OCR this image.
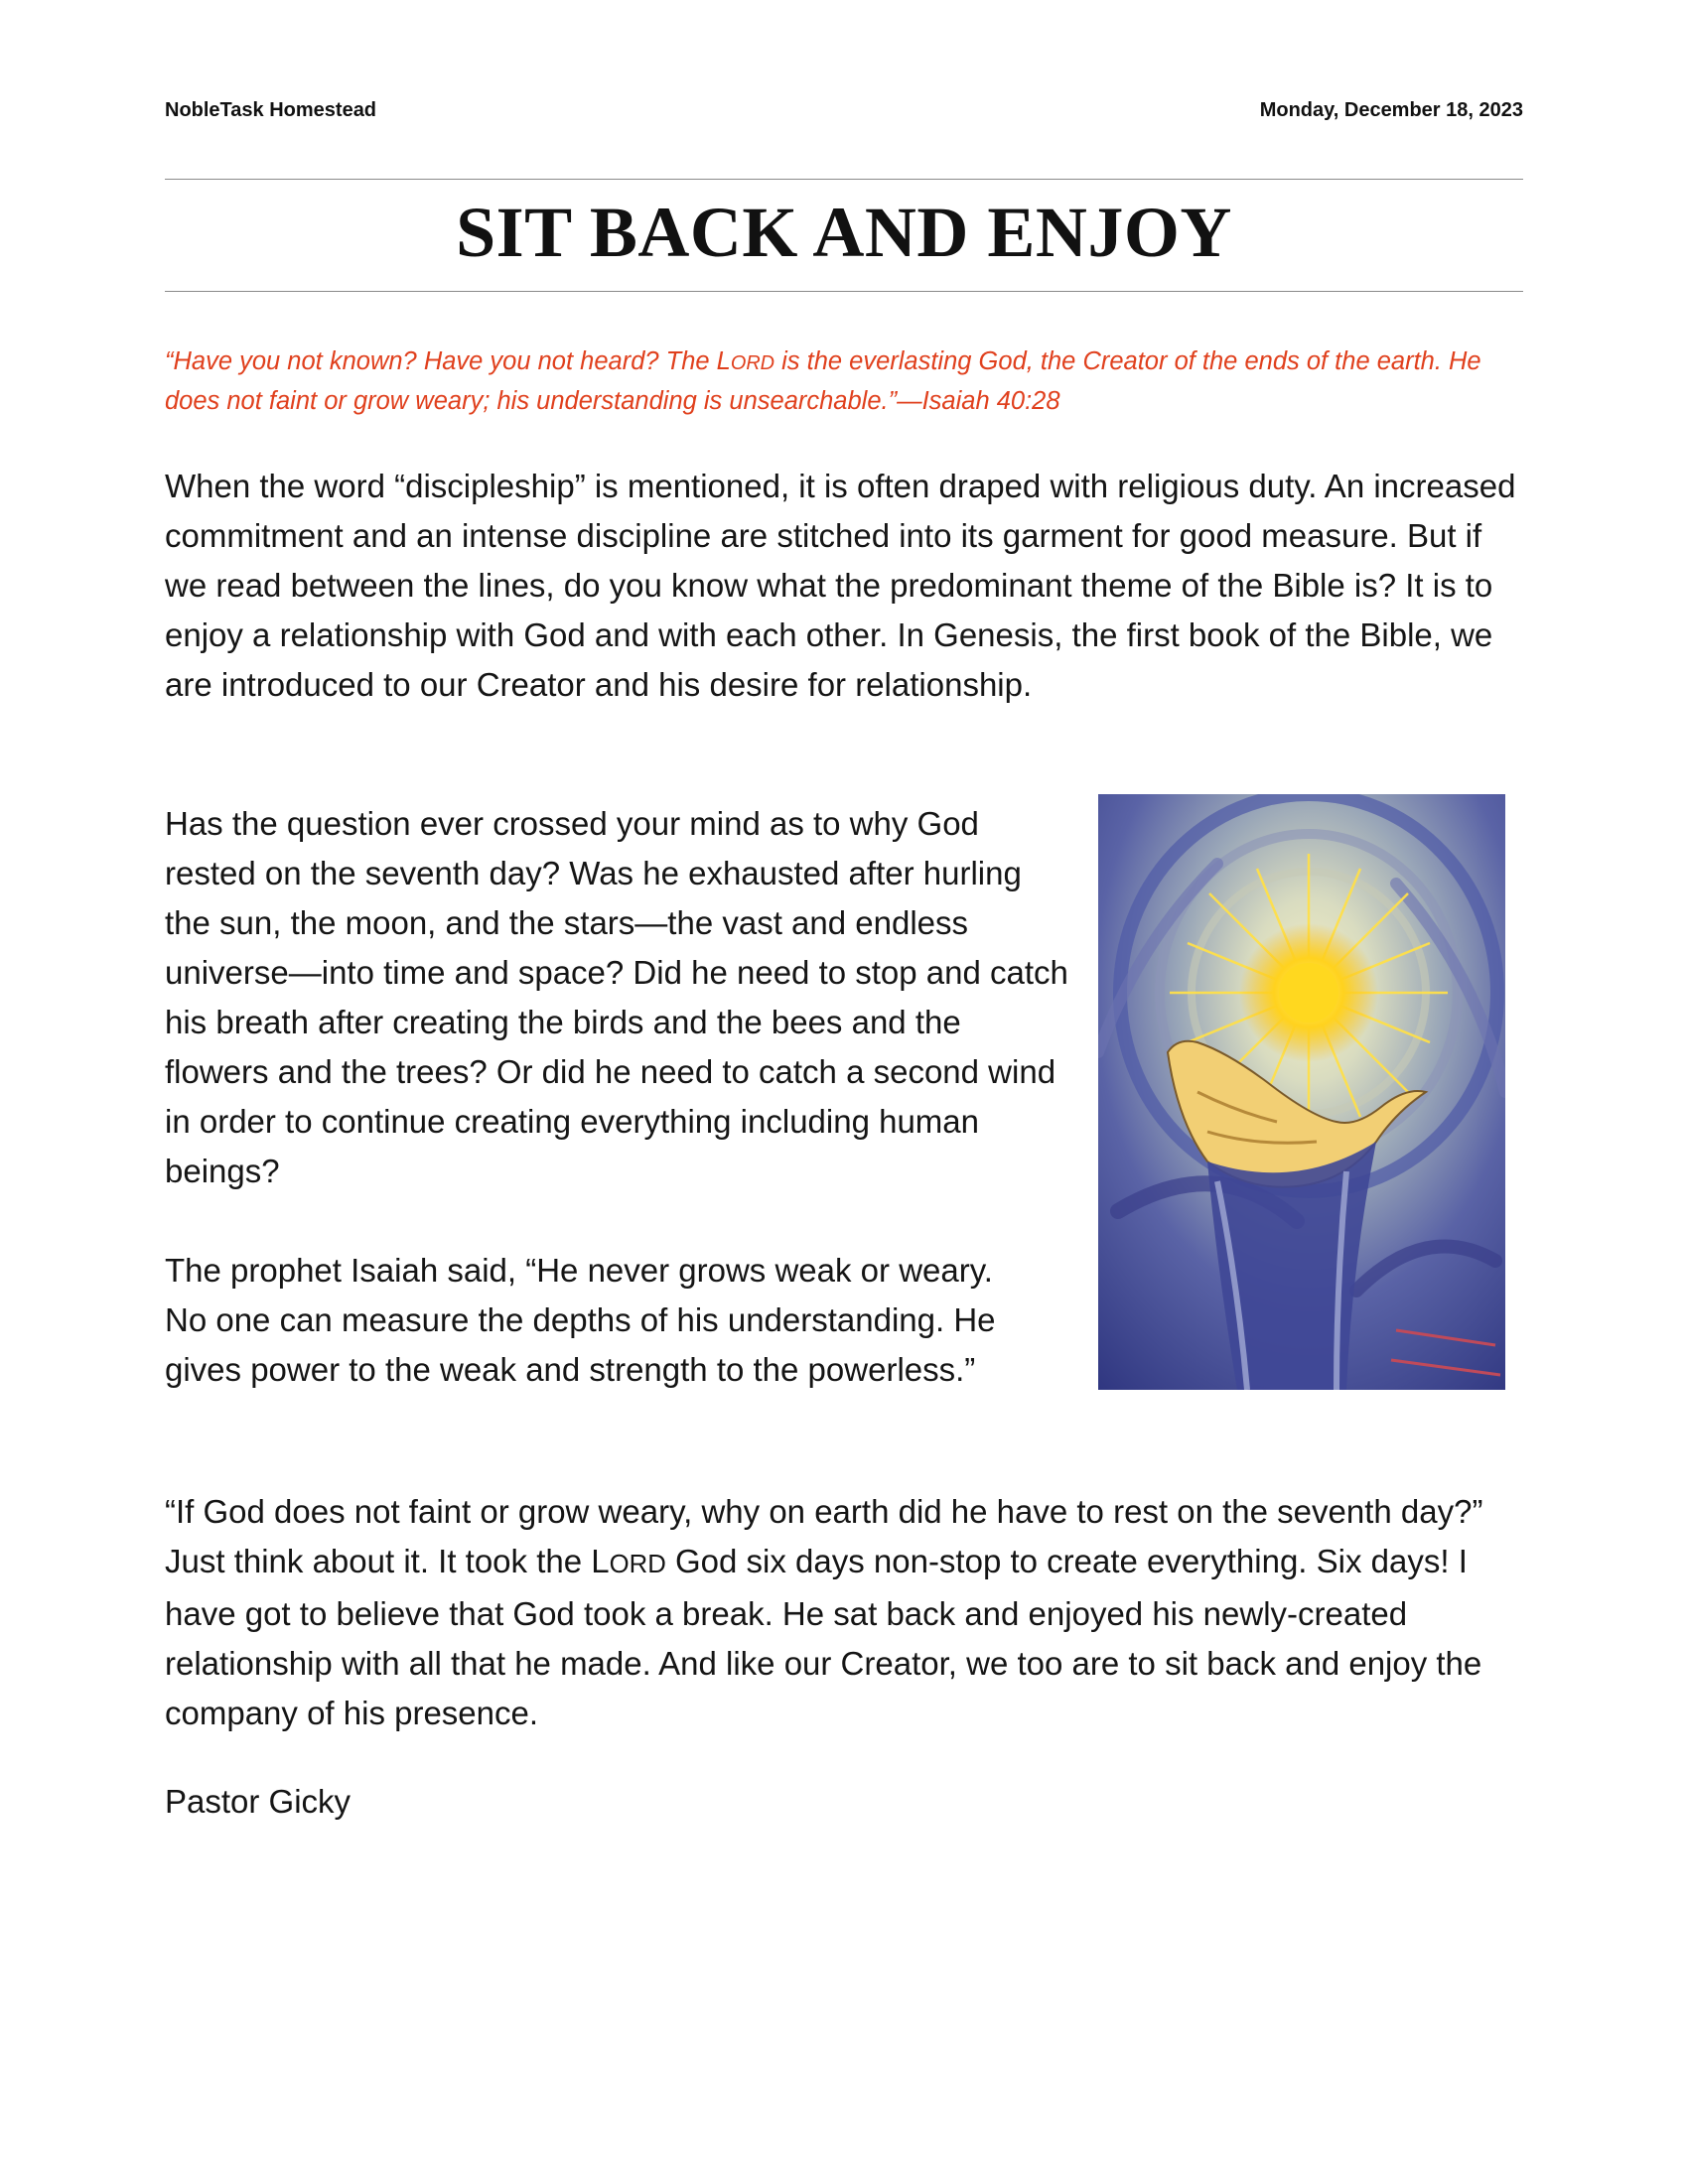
NobleTask Homestead	Monday, December 18, 2023
SIT BACK AND ENJOY
“Have you not known? Have you not heard? The LORD is the everlasting God, the Creator of the ends of the earth. He does not faint or grow weary; his understanding is unsearchable.”—Isaiah 40:28
When the word “discipleship” is mentioned, it is often draped with religious duty. An increased commitment and an intense discipline are stitched into its garment for good measure. But if we read between the lines, do you know what the predominant theme of the Bible is? It is to enjoy a relationship with God and with each other. In Genesis, the first book of the Bible, we are introduced to our Creator and his desire for relationship.
Has the question ever crossed your mind as to why God rested on the seventh day? Was he exhausted after hurling the sun, the moon, and the stars—the vast and endless universe—into time and space? Did he need to stop and catch his breath after creating the birds and the bees and the flowers and the trees? Or did he need to catch a second wind in order to continue creating everything including human beings?
The prophet Isaiah said, “He never grows weak or weary. No one can measure the depths of his understanding. He gives power to the weak and strength to the powerless.”
“If God does not faint or grow weary, why on earth did he have to rest on the seventh day?” Just think about it. It took the LORD God six days non-stop to create everything. Six days! I have got to believe that God took a break. He sat back and enjoyed his newly-created relationship with all that he made. And like our Creator, we too are to sit back and enjoy the company of his presence.
Pastor Gicky
